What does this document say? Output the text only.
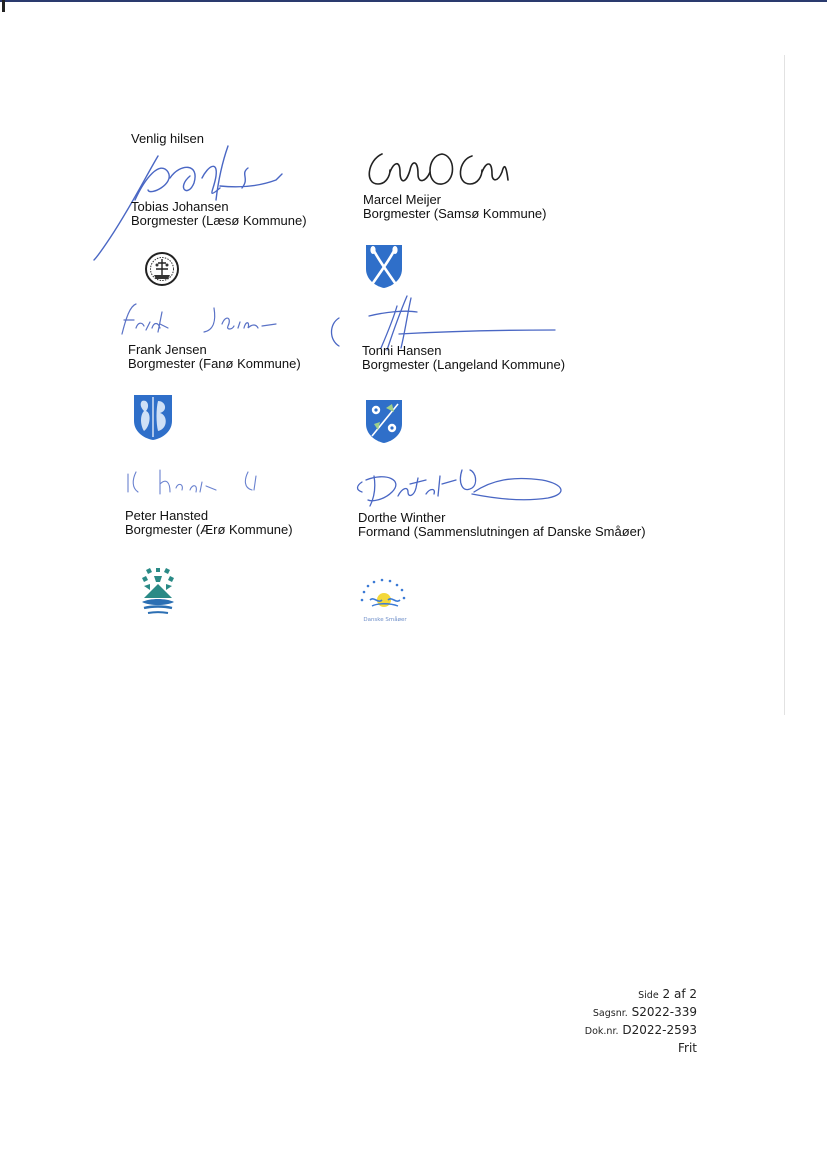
Venlig hilsen
Tobias Johansen
Borgmester (Læsø Kommune)
Marcel Meijer
Borgmester (Samsø Kommune)
Frank Jensen
Borgmester (Fanø Kommune)
Tonni Hansen
Borgmester (Langeland Kommune)
Peter Hansted
Borgmester (Ærø Kommune)
Dorthe Winther
Formand (Sammenslutningen af Danske Småøer)
Danske Småøer
Side 2 af 2
Sagsnr. S2022-339
Dok.nr. D2022-2593
Frit
